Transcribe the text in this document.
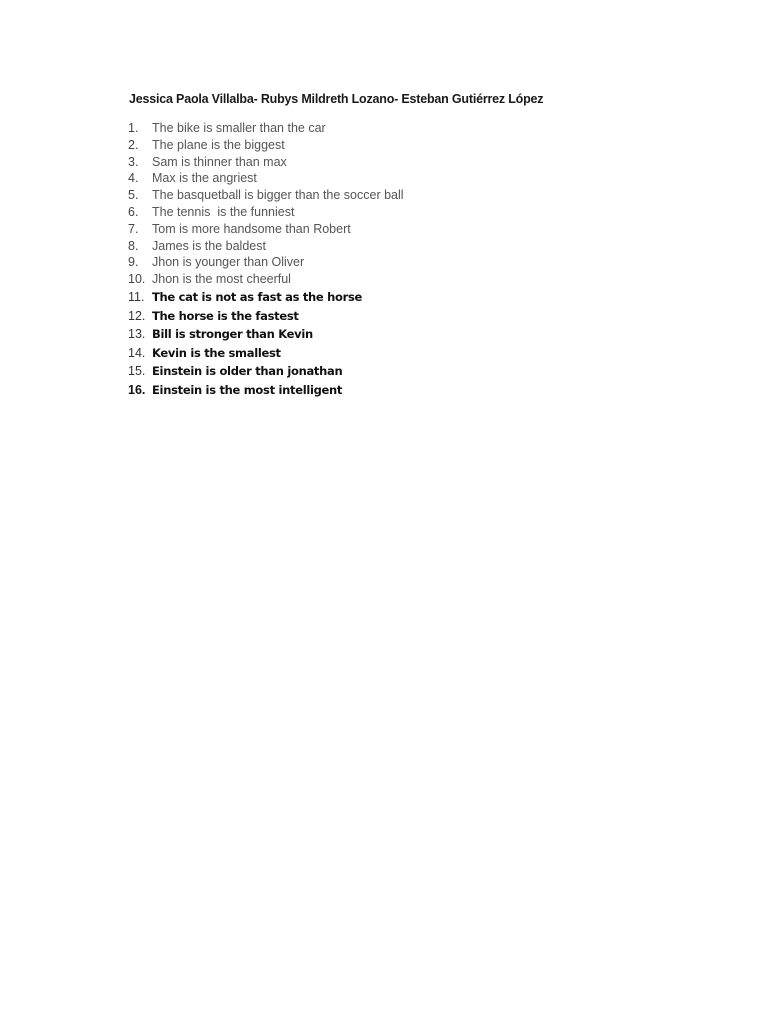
Jessica Paola Villalba- Rubys Mildreth Lozano- Esteban Gutiérrez López
1.	The bike is smaller than the car
2.	The plane is the biggest
3.	Sam is thinner than max
4.	Max is the angriest
5.	The basquetball is bigger than the soccer ball
6.	The tennis  is the funniest
7.	Tom is more handsome than Robert
8.	James is the baldest
9.	Jhon is younger than Oliver
10. Jhon is the most cheerful
11. The cat is not as fast as the horse
12. The horse is the fastest
13. Bill is stronger than Kevin
14. Kevin is the smallest
15. Einstein is older than jonathan
16. Einstein is the most intelligent
